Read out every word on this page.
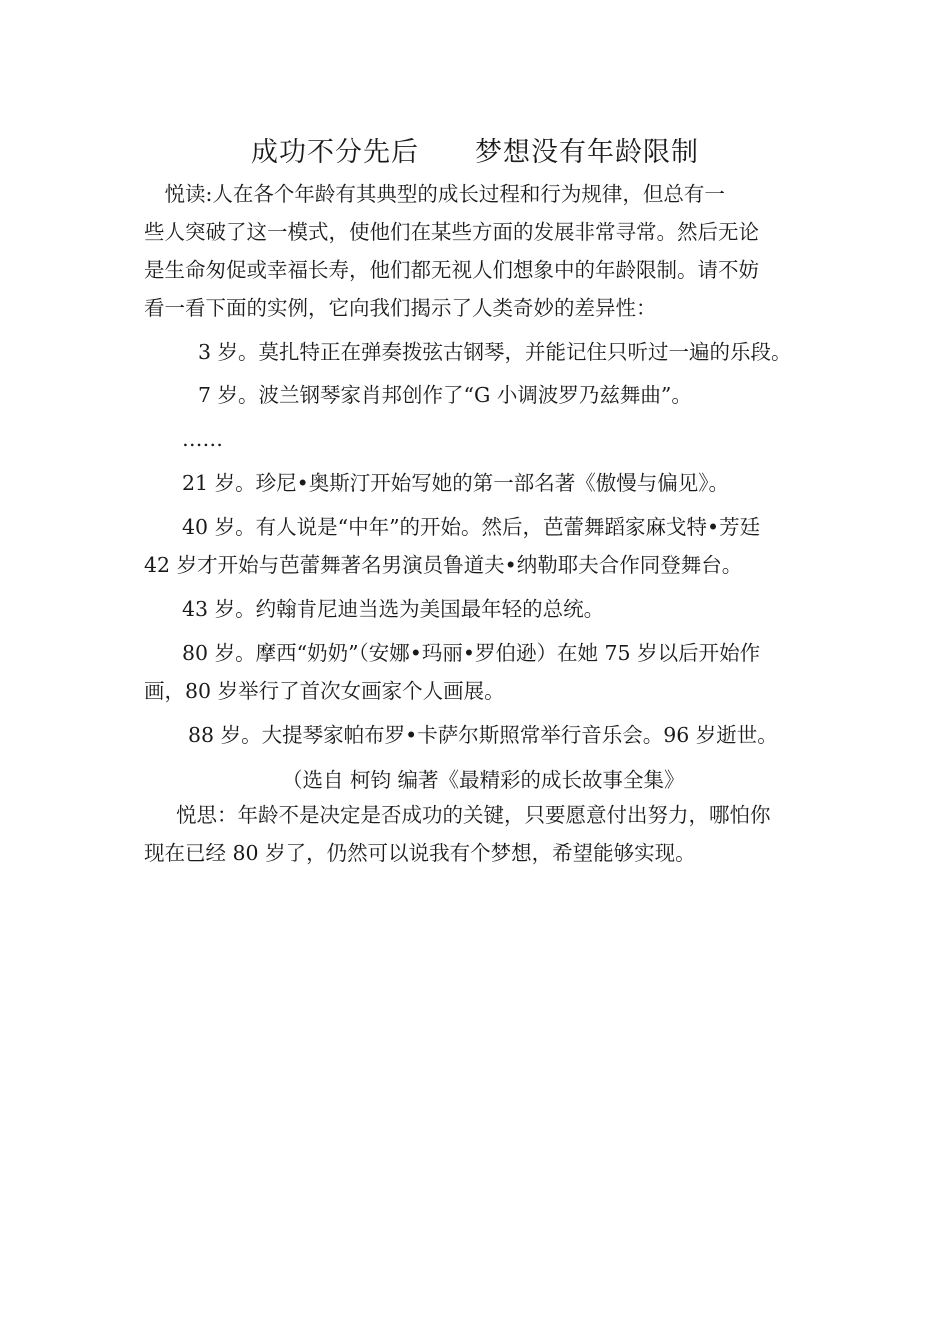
成功不分先后　　梦想没有年龄限制
　悦读:人在各个年龄有其典型的成长过程和行为规律，但总有一
些人突破了这一模式，使他们在某些方面的发展非常寻常。然后无论
是生命匆促或幸福长寿，他们都无视人们想象中的年龄限制。请不妨
看一看下面的实例，它向我们揭示了人类奇妙的差异性：
3 岁。莫扎特正在弹奏拨弦古钢琴，并能记住只听过一遍的乐段。
7 岁。波兰钢琴家肖邦创作了“G 小调波罗乃兹舞曲”。
……
21 岁。珍尼•奥斯汀开始写她的第一部名著《傲慢与偏见》。
40 岁。有人说是“中年”的开始。然后，芭蕾舞蹈家麻戈特•芳廷
42 岁才开始与芭蕾舞著名男演员鲁道夫•纳勒耶夫合作同登舞台。
43 岁。约翰肯尼迪当选为美国最年轻的总统。
80 岁。摩西“奶奶”（安娜•玛丽•罗伯逊）在她 75 岁以后开始作
画，80 岁举行了首次女画家个人画展。
88 岁。大提琴家帕布罗•卡萨尔斯照常举行音乐会。96 岁逝世。
（选自 柯钧 编著《最精彩的成长故事全集》
悦思：年龄不是决定是否成功的关键，只要愿意付出努力，哪怕你
现在已经 80 岁了，仍然可以说我有个梦想，希望能够实现。
